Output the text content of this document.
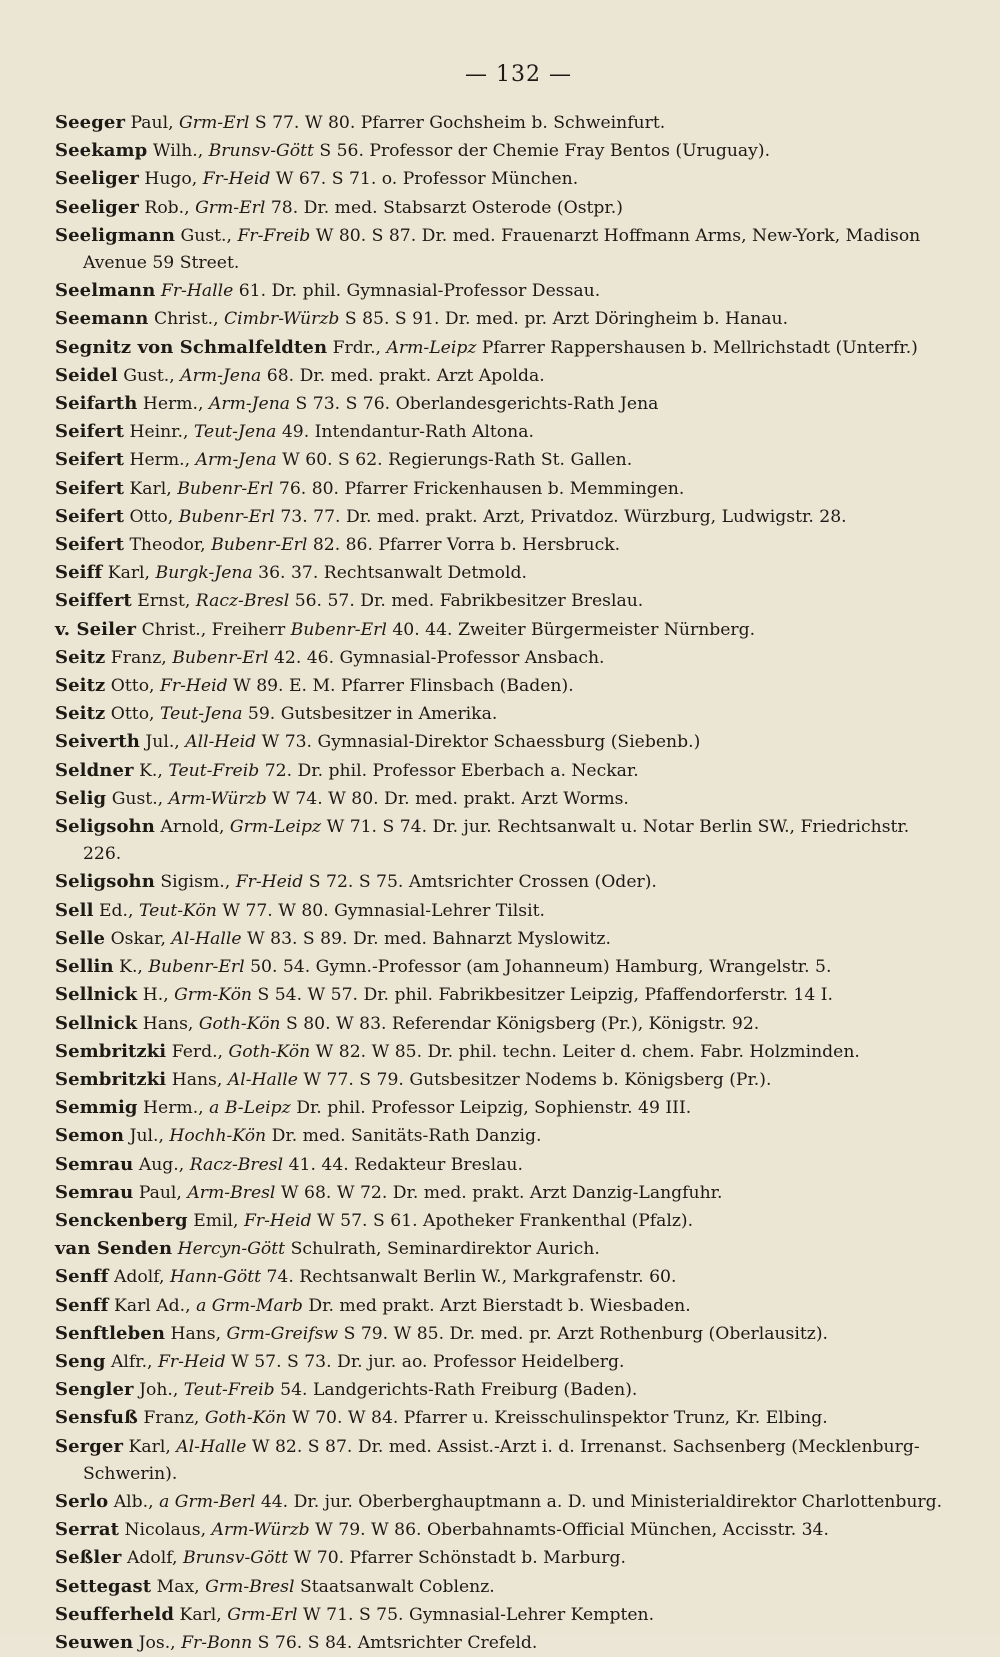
— 132 —
Seeger Paul, Grm-Erl S 77. W 80. Pfarrer Gochsheim b. Schweinfurt.
Seekamp Wilh., Brunsv-Gött S 56. Professor der Chemie Fray Bentos (Uruguay).
Seeliger Hugo, Fr-Heid W 67. S 71. o. Professor München.
Seeliger Rob., Grm-Erl 78. Dr. med. Stabsarzt Osterode (Ostpr.)
Seeligmann Gust., Fr-Freib W 80. S 87. Dr. med. Frauenarzt Hoffmann Arms, New-York, Madison Avenue 59 Street.
Seelmann Fr-Halle 61. Dr. phil. Gymnasial-Professor Dessau.
Seemann Christ., Cimbr-Würzb S 85. S 91. Dr. med. pr. Arzt Döringheim b. Hanau.
Segnitz von Schmalfeldten Frdr., Arm-Leipz Pfarrer Rappershausen b. Mellrichstadt (Unterfr.)
Seidel Gust., Arm-Jena 68. Dr. med. prakt. Arzt Apolda.
Seifarth Herm., Arm-Jena S 73. S 76. Oberlandesgerichts-Rath Jena
Seifert Heinr., Teut-Jena 49. Intendantur-Rath Altona.
Seifert Herm., Arm-Jena W 60. S 62. Regierungs-Rath St. Gallen.
Seifert Karl, Bubenr-Erl 76. 80. Pfarrer Frickenhausen b. Memmingen.
Seifert Otto, Bubenr-Erl 73. 77. Dr. med. prakt. Arzt, Privatdoz. Würzburg, Ludwigstr. 28.
Seifert Theodor, Bubenr-Erl 82. 86. Pfarrer Vorra b. Hersbruck.
Seiff Karl, Burgk-Jena 36. 37. Rechtsanwalt Detmold.
Seiffert Ernst, Racz-Bresl 56. 57. Dr. med. Fabrikbesitzer Breslau.
v. Seiler Christ., Freiherr Bubenr-Erl 40. 44. Zweiter Bürgermeister Nürnberg.
Seitz Franz, Bubenr-Erl 42. 46. Gymnasial-Professor Ansbach.
Seitz Otto, Fr-Heid W 89. E. M. Pfarrer Flinsbach (Baden).
Seitz Otto, Teut-Jena 59. Gutsbesitzer in Amerika.
Seiverth Jul., All-Heid W 73. Gymnasial-Direktor Schaessburg (Siebenb.)
Seldner K., Teut-Freib 72. Dr. phil. Professor Eberbach a. Neckar.
Selig Gust., Arm-Würzb W 74. W 80. Dr. med. prakt. Arzt Worms.
Seligsohn Arnold, Grm-Leipz W 71. S 74. Dr. jur. Rechtsanwalt u. Notar Berlin SW., Friedrichstr. 226.
Seligsohn Sigism., Fr-Heid S 72. S 75. Amtsrichter Crossen (Oder).
Sell Ed., Teut-Kön W 77. W 80. Gymnasial-Lehrer Tilsit.
Selle Oskar, Al-Halle W 83. S 89. Dr. med. Bahnarzt Myslowitz.
Sellin K., Bubenr-Erl 50. 54. Gymn.-Professor (am Johanneum) Hamburg, Wrangelstr. 5.
Sellnick H., Grm-Kön S 54. W 57. Dr. phil. Fabrikbesitzer Leipzig, Pfaffendorferstr. 14 I.
Sellnick Hans, Goth-Kön S 80. W 83. Referendar Königsberg (Pr.), Königstr. 92.
Sembritzki Ferd., Goth-Kön W 82. W 85. Dr. phil. techn. Leiter d. chem. Fabr. Holzminden.
Sembritzki Hans, Al-Halle W 77. S 79. Gutsbesitzer Nodems b. Königsberg (Pr.).
Semmig Herm., a B-Leipz Dr. phil. Professor Leipzig, Sophienstr. 49 III.
Semon Jul., Hochh-Kön Dr. med. Sanitäts-Rath Danzig.
Semrau Aug., Racz-Bresl 41. 44. Redakteur Breslau.
Semrau Paul, Arm-Bresl W 68. W 72. Dr. med. prakt. Arzt Danzig-Langfuhr.
Senckenberg Emil, Fr-Heid W 57. S 61. Apotheker Frankenthal (Pfalz).
van Senden Hercyn-Gött Schulrath, Seminardirektor Aurich.
Senff Adolf, Hann-Gött 74. Rechtsanwalt Berlin W., Markgrafenstr. 60.
Senff Karl Ad., a Grm-Marb Dr. med prakt. Arzt Bierstadt b. Wiesbaden.
Senftleben Hans, Grm-Greifsw S 79. W 85. Dr. med. pr. Arzt Rothenburg (Oberlausitz).
Seng Alfr., Fr-Heid W 57. S 73. Dr. jur. ao. Professor Heidelberg.
Sengler Joh., Teut-Freib 54. Landgerichts-Rath Freiburg (Baden).
Sensfuß Franz, Goth-Kön W 70. W 84. Pfarrer u. Kreisschulinspektor Trunz, Kr. Elbing.
Serger Karl, Al-Halle W 82. S 87. Dr. med. Assist.-Arzt i. d. Irrenanst. Sachsenberg (Mecklenburg-Schwerin).
Serlo Alb., a Grm-Berl 44. Dr. jur. Oberberghauptmann a. D. und Ministerialdirektor Charlottenburg.
Serrat Nicolaus, Arm-Würzb W 79. W 86. Oberbahnamts-Official München, Accisstr. 34.
Seßler Adolf, Brunsv-Gött W 70. Pfarrer Schönstadt b. Marburg.
Settegast Max, Grm-Bresl Staatsanwalt Coblenz.
Seufferheld Karl, Grm-Erl W 71. S 75. Gymnasial-Lehrer Kempten.
Seuwen Jos., Fr-Bonn S 76. S 84. Amtsrichter Crefeld.
